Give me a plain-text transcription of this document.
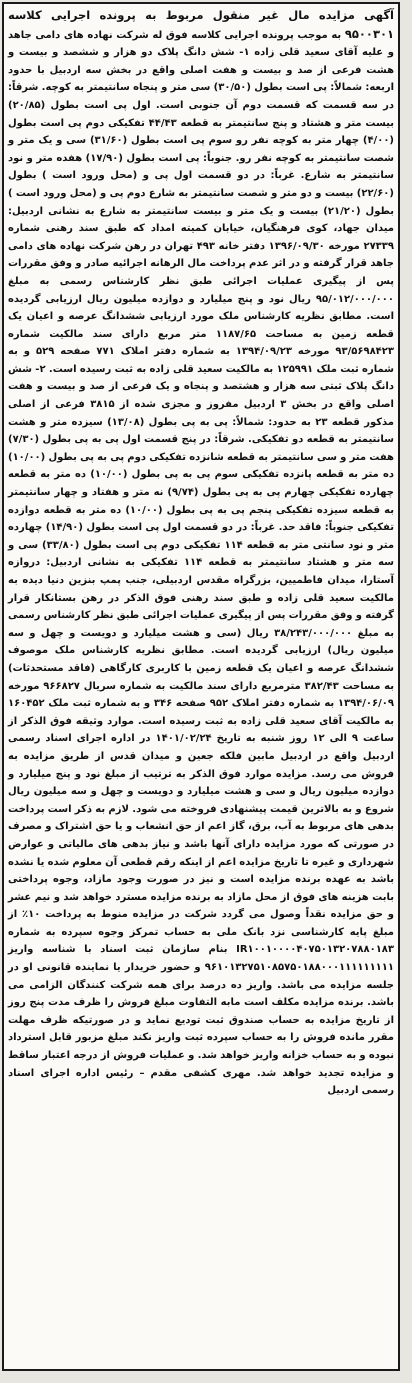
آگهی مزایده مال غیر منقول مربوط به پرونده اجرایی کلاسه ۹۵۰۰۳۰۱ به موجب پرونده اجرایی کلاسه فوق له شرکت نهاده های دامی جاهد و علیه آقای سعید قلی زاده ۱- شش دانگ پلاک دو هزار و ششصد و بیست و هشت فرعی از صد و بیست و هفت اصلی واقع در بخش سه اردبیل با حدود اربعه: شمالاً: پی است بطول (۳۰/۵۰) سی متر و پنجاه سانتیمتر به کوچه. شرقاً: در سه قسمت که قسمت دوم آن جنوبی است. اول پی است بطول (۲۰/۸۵) بیست متر و هشتاد و پنج سانتیمتر به قطعه ۴۴/۴۳ تفکیکی دوم پی است بطول (۴/۰۰) چهار متر به کوچه نفر رو سوم پی است بطول (۳۱/۶۰) سی و یک متر و شصت سانتیمتر به کوچه نفر رو. جنوباً: پی است بطول (۱۷/۹۰) هفده متر و نود سانتیمتر به شارع. غرباً: در دو قسمت اول پی و (محل ورود است ) بطول (۲۲/۶۰) بیست و دو متر و شصت سانتیمتر به شارع دوم پی و (محل ورود است ) بطول (۲۱/۲۰) بیست و یک متر و بیست سانتیمتر به شارع به نشانی اردبیل: میدان جهاد، کوی فرهنگیان، خیابان کمیته امداد که طبق سند رهنی شماره ۲۷۳۳۹ مورخه ۱۳۹۶/۰۹/۳۰ دفتر خانه ۴۹۳ تهران در رهن شرکت نهاده های دامی جاهد قرار گرفته و در اثر عدم پرداخت مال الرهانه اجرائیه صادر و وفق مقررات پس از پیگیری عملیات اجرائی طبق نظر کارشناس رسمی به مبلغ ۹۵/۰۱۲/۰۰۰/۰۰۰ ریال نود و پنج میلیارد و دوازده میلیون ریال ارزیابی گردیده است. مطابق نظریه کارشناس ملک مورد ارزیابی ششدانگ عرصه و اعیان یک قطعه زمین به مساحت ۱۱۸۷/۶۵ متر مربع دارای سند مالکیت شماره ۹۳/۵۶۹۸۴۲۳ مورخه ۱۳۹۴/۰۹/۲۳ به شماره دفتر املاک ۷۷۱ صفحه ۵۲۹ و به شماره ثبت ملک ۱۲۵۹۹۱ به مالکیت سعید قلی زاده به ثبت رسیده است. ۲- شش دانگ پلاک ثبتی سه هزار و هشتصد و پنجاه و یک فرعی از صد و بیست و هفت اصلی واقع در بخش ۳ اردبیل مفروز و مجزی شده از ۳۸۱۵ فرعی از اصلی مذکور قطعه ۲۳ به حدود: شمالاً: پی به پی بطول (۱۳/۰۸) سیزده متر و هشت سانتیمتر به قطعه دو تفکیکی. شرقاً: در پنج قسمت اول پی به پی بطول (۷/۳۰) هفت متر و سی سانتیمتر به قطعه شانزده تفکیکی دوم پی به پی بطول (۱۰/۰۰) ده متر به قطعه پانزده تفکیکی سوم پی به پی بطول (۱۰/۰۰) ده متر به قطعه چهارده تفکیکی چهارم پی به پی بطول (۹/۷۴) نه متر و هفتاد و چهار سانتیمتر به قطعه سیزده تفکیکی پنجم پی به پی بطول (۱۰/۰۰) ده متر به قطعه دوازده تفکیکی جنوباً: فاقد حد. غرباً: در دو قسمت اول پی است بطول (۱۴/۹۰) چهارده متر و نود سانتی متر به قطعه ۱۱۴ تفکیکی دوم پی است بطول (۳۳/۸۰) سی و سه متر و هشتاد سانتیمتر به قطعه ۱۱۴ تفکیکی به نشانی اردبیل: دروازه آستارا، میدان فاطمیین، بزرگراه مقدس اردبیلی، جنب پمپ بنزین دنیا دیده به مالکیت سعید قلی زاده و طبق سند رهنی فوق الذکر در رهن بستانکار قرار گرفته و وفق مقررات پس از پیگیری عملیات اجرائی طبق نظر کارشناس رسمی به مبلغ ۳۸/۲۴۳/۰۰۰/۰۰۰ ریال (سی و هشت میلیارد و دویست و چهل و سه میلیون ریال) ارزیابی گردیده است. مطابق نظریه کارشناس ملک موصوف ششدانگ عرصه و اعیان یک قطعه زمین با کاربری کارگاهی (فاقد مستحدثات) به مساحت ۳۸۲/۴۳ مترمربع دارای سند مالکیت به شماره سریال ۹۶۶۸۲۷ مورخه ۱۳۹۴/۰۶/۰۹ به شماره دفتر املاک ۹۵۲ صفحه ۳۴۶ و به شماره ثبت ملک ۱۶۰۴۵۲ به مالکیت آقای سعید قلی زاده به ثبت رسیده است. موارد وثیقه فوق الذکر از ساعت ۹ الی ۱۲ روز شنبه به تاریخ ۱۴۰۱/۰۲/۲۴ در اداره اجرای اسناد رسمی اردبیل واقع در اردبیل مابین فلکه جعین و میدان قدس از طریق مزایده به فروش می رسد. مزایده موارد فوق الذکر به ترتیب از مبلغ نود و پنج میلیارد و دوازده میلیون ریال و سی و هشت میلیارد و دویست و چهل و سه میلیون ریال شروع و به بالاترین قیمت پیشنهادی فروخته می شود. لازم به ذکر است پرداخت بدهی های مربوط به آب، برق، گاز اعم از حق انشعاب و یا حق اشتراک و مصرف در صورتی که مورد مزایده دارای آنها باشد و نیاز بدهی های مالیاتی و عوارض شهرداری و غیره تا تاریخ مزایده اعم از اینکه رقم قطعی آن معلوم شده یا نشده باشد به عهده برنده مزایده است و نیز در صورت وجود مازاد، وجوه پرداختی بابت هزینه های فوق از محل مازاد به برنده مزایده مسترد خواهد شد و نیم عشر و حق مزایده نقداً وصول می گردد شرکت در مزایده منوط به پرداخت ۱۰٪ از مبلغ پایه کارشناسی نزد بانک ملی به حساب تمرکز وجوه سپرده به شماره IR۱۰۰۱۰۰۰۰۴۰۷۵۰۱۳۲۰۷۸۸۰۱۸۳ بنام سازمان ثبت اسناد با شناسه واریز ۹۶۱۰۱۳۲۷۵۱۰۸۵۷۵۰۱۸۸۰۰۰۱۱۱۱۱۱۱۱۱ و حضور خریدار یا نماینده قانونی او در جلسه مزایده می باشد. واریز ده درصد برای همه شرکت کنندگان الزامی می باشد. برنده مزایده مکلف است مابه التفاوت مبلغ فروش را ظرف مدت پنج روز از تاریخ مزایده به حساب صندوق ثبت تودیع نماید و در صورتیکه ظرف مهلت مقرر مانده فروش را به حساب سپرده ثبت واریز نکند مبلغ مزبور قابل استرداد نبوده و به حساب خزانه واریز خواهد شد. و عملیات فروش از درجه اعتبار ساقط و مزایده تجدید خواهد شد. مهری کشفی مقدم – رئیس اداره اجرای اسناد رسمی اردبیل
